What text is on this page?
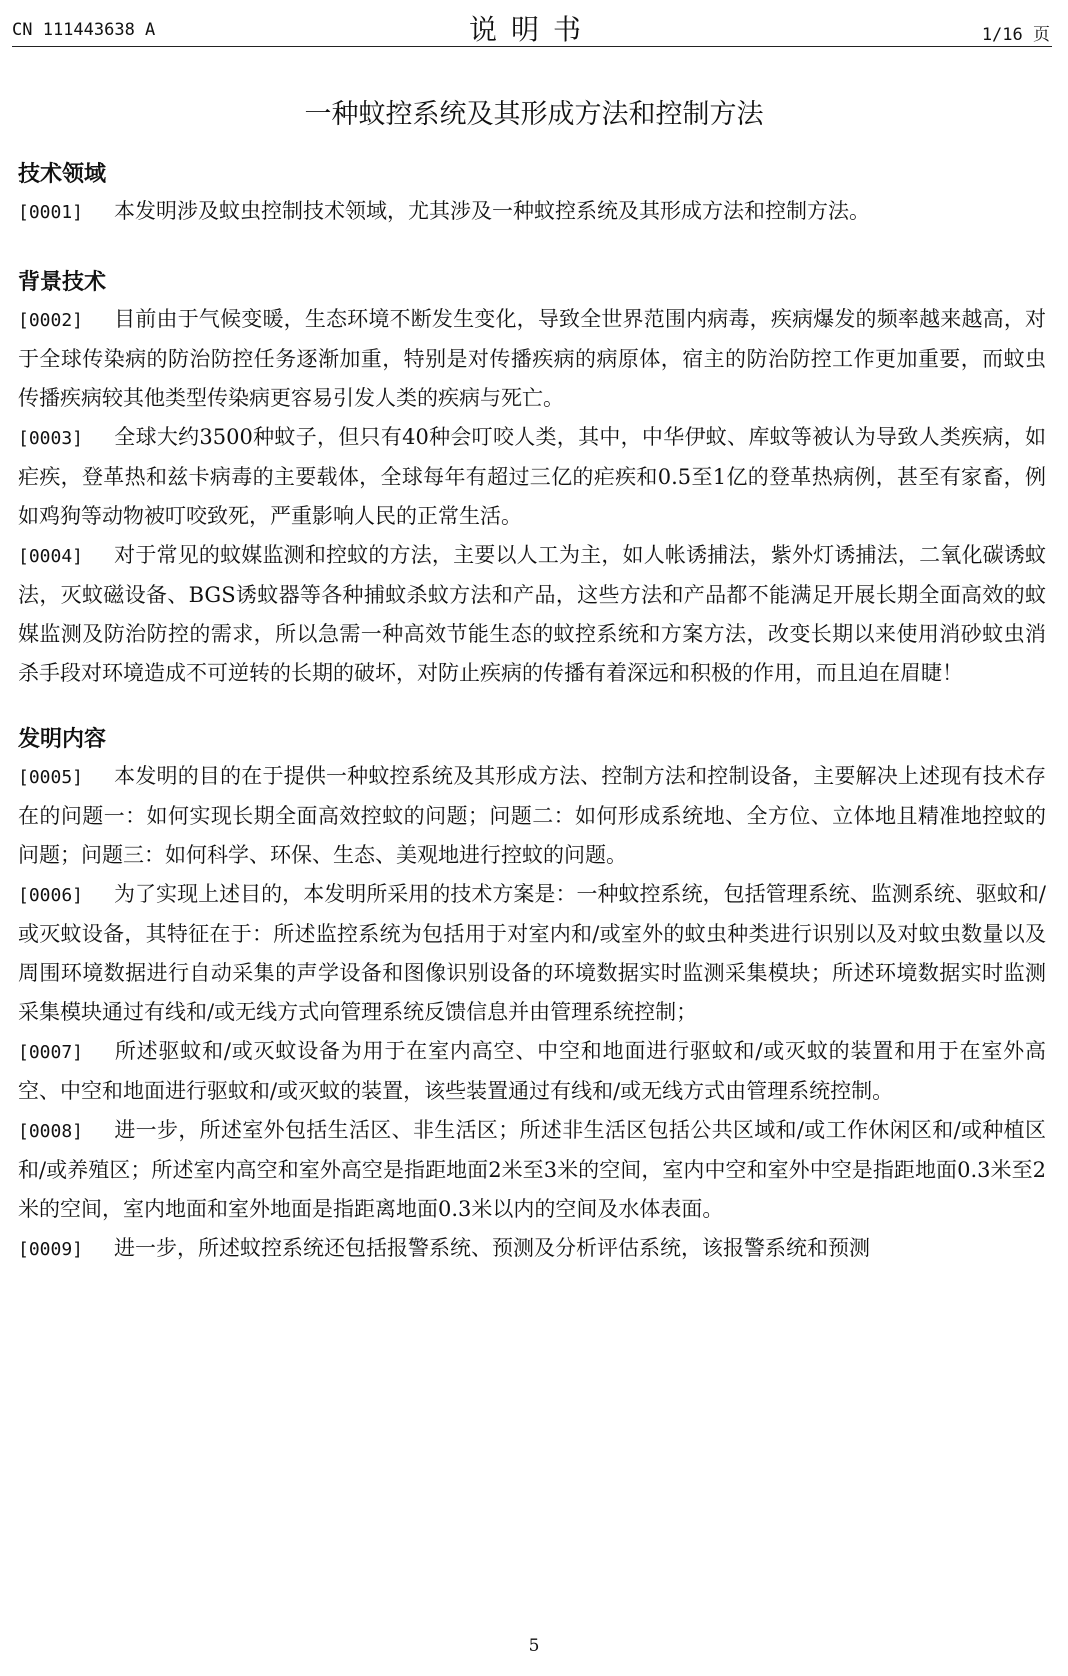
CN 111443638 A	说明书	1/16 页
一种蚊控系统及其形成方法和控制方法
技术领域

[0001] 本发明涉及蚊虫控制技术领域，尤其涉及一种蚊控系统及其形成方法和控制方法。

背景技术

[0002] 目前由于气候变暖，生态环境不断发生变化，导致全世界范围内病毒，疾病爆发的频率越来越高，对于全球传染病的防治防控任务逐渐加重，特别是对传播疾病的病原体，宿主的防治防控工作更加重要，而蚊虫传播疾病较其他类型传染病更容易引发人类的疾病与死亡。

[0003] 全球大约3500种蚊子，但只有40种会叮咬人类，其中，中华伊蚊、库蚊等被认为导致人类疾病，如疟疾，登革热和兹卡病毒的主要载体，全球每年有超过三亿的疟疾和0.5至1亿的登革热病例，甚至有家畜，例如鸡狗等动物被叮咬致死，严重影响人民的正常生活。

[0004] 对于常见的蚊媒监测和控蚊的方法，主要以人工为主，如人帐诱捕法，紫外灯诱捕法，二氧化碳诱蚊法，灭蚊磁设备、BGS诱蚊器等各种捕蚊杀蚊方法和产品，这些方法和产品都不能满足开展长期全面高效的蚊媒监测及防治防控的需求，所以急需一种高效节能生态的蚊控系统和方案方法，改变长期以来使用消砂蚊虫消杀手段对环境造成不可逆转的长期的破坏，对防止疾病的传播有着深远和积极的作用，而且迫在眉睫！

发明内容

[0005] 本发明的目的在于提供一种蚊控系统及其形成方法、控制方法和控制设备，主要解决上述现有技术存在的问题一：如何实现长期全面高效控蚊的问题；问题二：如何形成系统地、全方位、立体地且精准地控蚊的问题；问题三：如何科学、环保、生态、美观地进行控蚊的问题。

[0006] 为了实现上述目的，本发明所采用的技术方案是：一种蚊控系统，包括管理系统、监测系统、驱蚊和/或灭蚊设备，其特征在于：所述监控系统为包括用于对室内和/或室外的蚊虫种类进行识别以及对蚊虫数量以及周围环境数据进行自动采集的声学设备和图像识别设备的环境数据实时监测采集模块；所述环境数据实时监测采集模块通过有线和/或无线方式向管理系统反馈信息并由管理系统控制；

[0007] 所述驱蚊和/或灭蚊设备为用于在室内高空、中空和地面进行驱蚊和/或灭蚊的装置和用于在室外高空、中空和地面进行驱蚊和/或灭蚊的装置，该些装置通过有线和/或无线方式由管理系统控制。

[0008] 进一步，所述室外包括生活区、非生活区；所述非生活区包括公共区域和/或工作休闲区和/或种植区和/或养殖区；所述室内高空和室外高空是指距地面2米至3米的空间，室内中空和室外中空是指距地面0.3米至2米的空间，室内地面和室外地面是指距离地面0.3米以内的空间及水体表面。

[0009] 进一步，所述蚊控系统还包括报警系统、预测及分析评估系统，该报警系统和预测

5
